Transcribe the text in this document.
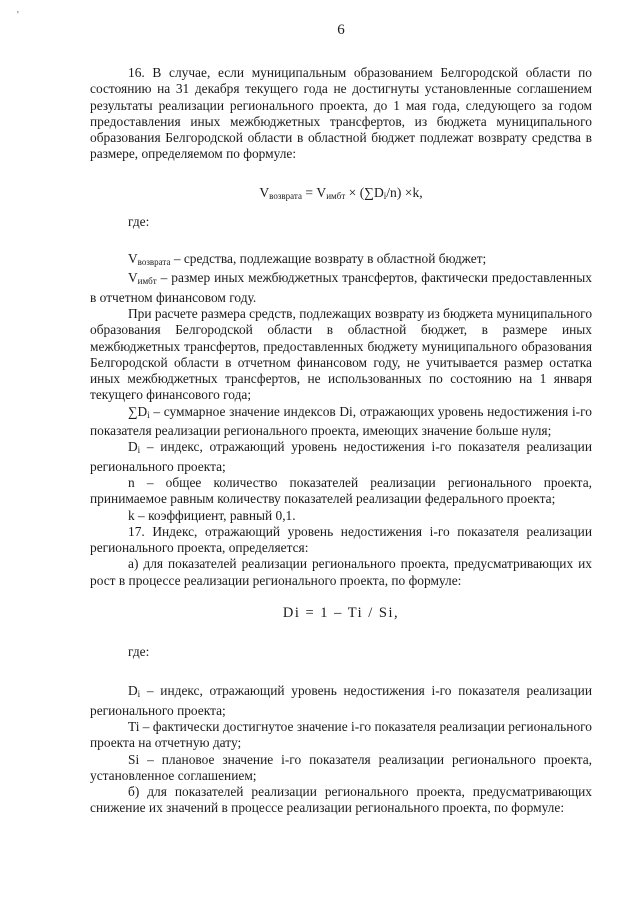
'
6

16. В случае, если муниципальным образованием Белгородской области по состоянию на 31 декабря текущего года не достигнуты установленные соглашением результаты реализации регионального проекта, до 1 мая года, следующего за годом предоставления иных межбюджетных трансфертов, из бюджета муниципального образования Белгородской области в областной бюджет подлежат возврату средства в размере, определяемом по формуле:

$V_{возврата} = V_{имбт} \times (\sum D_i/n) \times k$,
где:

$V_{возврата}$ – средства, подлежащие возврату в областной бюджет;

$V_{имбт}$ – размер иных межбюджетных трансфертов, фактически предоставленных в отчетном финансовом году.

При расчете размера средств, подлежащих возврату из бюджета муниципального образования Белгородской области в областной бюджет, в размере иных межбюджетных трансфертов, предоставленных бюджету муниципального образования Белгородской области в отчетном финансовом году, не учитывается размер остатка иных межбюджетных трансфертов, не использованных по состоянию на 1 января текущего финансового года;

$\sum D_i$ – суммарное значение индексов Di, отражающих уровень недостижения i-го показателя реализации регионального проекта, имеющих значение больше нуля;

$D_i$ – индекс, отражающий уровень недостижения i-го показателя реализации регионального проекта;

n – общее количество показателей реализации регионального проекта, принимаемое равным количеству показателей реализации федерального проекта;

k – коэффициент, равный 0,1.

17. Индекс, отражающий уровень недостижения i-го показателя реализации регионального проекта, определяется:

а) для показателей реализации регионального проекта, предусматривающих их рост в процессе реализации регионального проекта, по формуле:

Di = 1 – Ti / Si,
где:

$D_i$ – индекс, отражающий уровень недостижения i-го показателя реализации регионального проекта;

Ti – фактически достигнутое значение i-го показателя реализации регионального проекта на отчетную дату;

Si – плановое значение i-го показателя реализации регионального проекта, установленное соглашением;

б) для показателей реализации регионального проекта, предусматривающих снижение их значений в процессе реализации регионального проекта, по формуле:
